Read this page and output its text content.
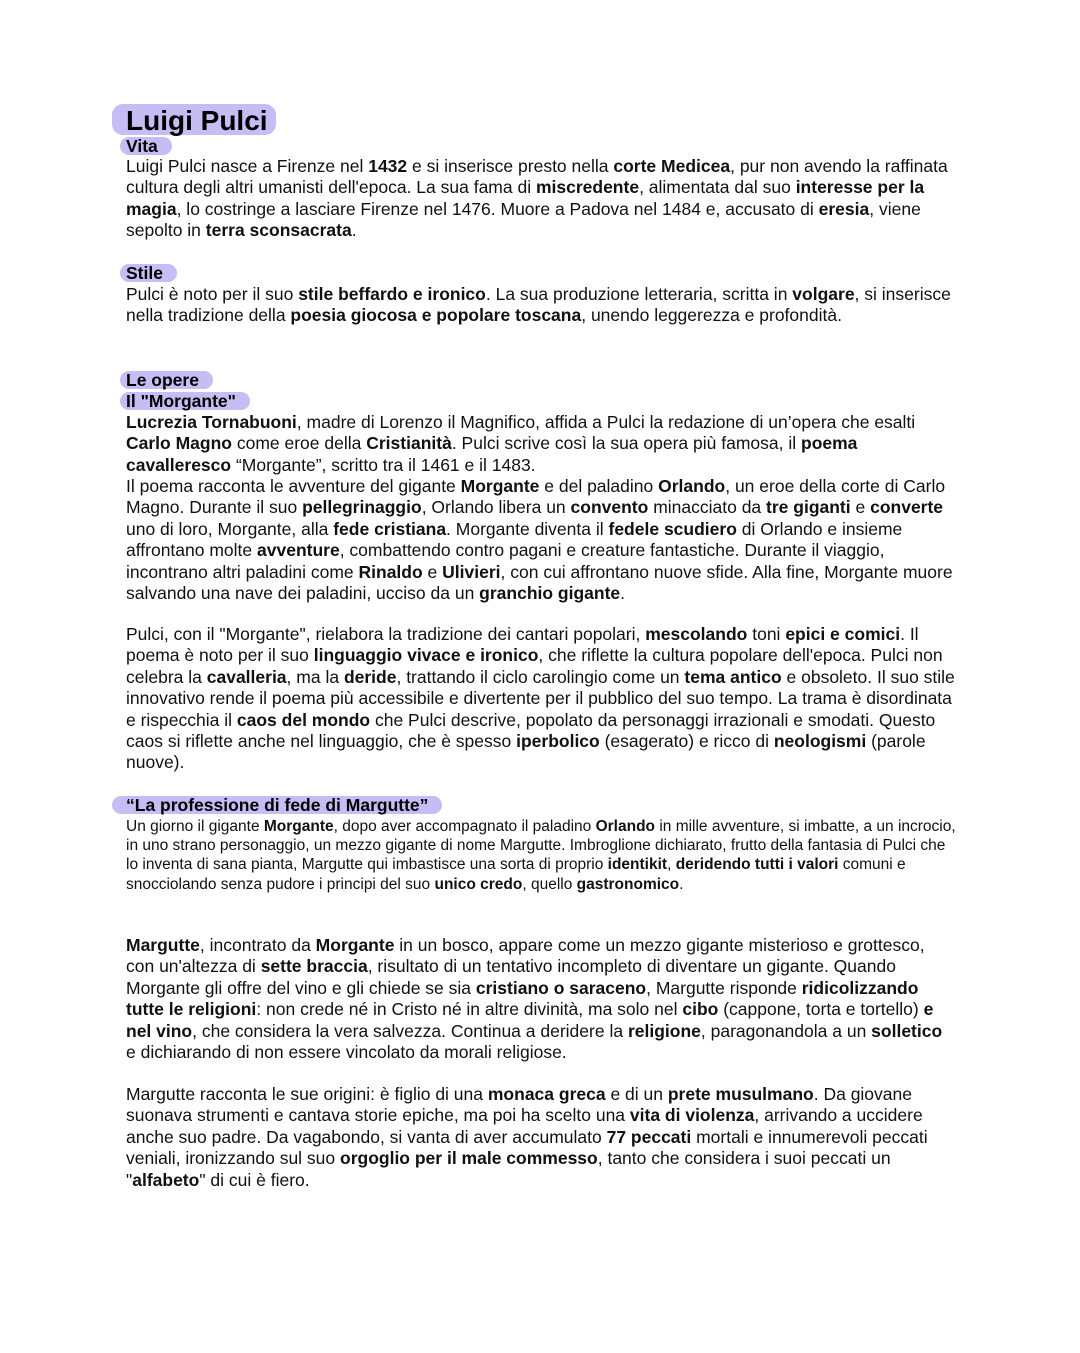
Luigi Pulci
Vita

Luigi Pulci nasce a Firenze nel 1432 e si inserisce presto nella corte Medicea, pur non avendo la raffinata cultura degli altri umanisti dell'epoca. La sua fama di miscredente, alimentata dal suo interesse per la magia, lo costringe a lasciare Firenze nel 1476. Muore a Padova nel 1484 e, accusato di eresia, viene sepolto in terra sconsacrata.

Stile

Pulci è noto per il suo stile beffardo e ironico. La sua produzione letteraria, scritta in volgare, si inserisce nella tradizione della poesia giocosa e popolare toscana, unendo leggerezza e profondità.

Le opere
Il "Morgante"

Lucrezia Tornabuoni, madre di Lorenzo il Magnifico, affida a Pulci la redazione di un’opera che esalti Carlo Magno come eroe della Cristianità. Pulci scrive così la sua opera più famosa, il poema cavalleresco “Morgante”, scritto tra il 1461 e il 1483.

Il poema racconta le avventure del gigante Morgante e del paladino Orlando, un eroe della corte di Carlo Magno. Durante il suo pellegrinaggio, Orlando libera un convento minacciato da tre giganti e converte uno di loro, Morgante, alla fede cristiana. Morgante diventa il fedele scudiero di Orlando e insieme affrontano molte avventure, combattendo contro pagani e creature fantastiche. Durante il viaggio, incontrano altri paladini come Rinaldo e Ulivieri, con cui affrontano nuove sfide. Alla fine, Morgante muore salvando una nave dei paladini, ucciso da un granchio gigante.

Pulci, con il "Morgante", rielabora la tradizione dei cantari popolari, mescolando toni epici e comici. Il poema è noto per il suo linguaggio vivace e ironico, che riflette la cultura popolare dell'epoca. Pulci non celebra la cavalleria, ma la deride, trattando il ciclo carolingio come un tema antico e obsoleto. Il suo stile innovativo rende il poema più accessibile e divertente per il pubblico del suo tempo. La trama è disordinata e rispecchia il caos del mondo che Pulci descrive, popolato da personaggi irrazionali e smodati. Questo caos si riflette anche nel linguaggio, che è spesso iperbolico (esagerato) e ricco di neologismi (parole nuove).

“La professione di fede di Margutte”

Un giorno il gigante Morgante, dopo aver accompagnato il paladino Orlando in mille avventure, si imbatte, a un incrocio, in uno strano personaggio, un mezzo gigante di nome Margutte. Imbroglione dichiarato, frutto della fantasia di Pulci che lo inventa di sana pianta, Margutte qui imbastisce una sorta di proprio identikit, deridendo tutti i valori comuni e snocciolando senza pudore i principi del suo unico credo, quello gastronomico.

Margutte, incontrato da Morgante in un bosco, appare come un mezzo gigante misterioso e grottesco, con un'altezza di sette braccia, risultato di un tentativo incompleto di diventare un gigante. Quando Morgante gli offre del vino e gli chiede se sia cristiano o saraceno, Margutte risponde ridicolizzando tutte le religioni: non crede né in Cristo né in altre divinità, ma solo nel cibo (cappone, torta e tortello) e nel vino, che considera la vera salvezza. Continua a deridere la religione, paragonandola a un solletico e dichiarando di non essere vincolato da morali religiose.

Margutte racconta le sue origini: è figlio di una monaca greca e di un prete musulmano. Da giovane suonava strumenti e cantava storie epiche, ma poi ha scelto una vita di violenza, arrivando a uccidere anche suo padre. Da vagabondo, si vanta di aver accumulato 77 peccati mortali e innumerevoli peccati veniali, ironizzando sul suo orgoglio per il male commesso, tanto che considera i suoi peccati un "alfabeto" di cui è fiero.
